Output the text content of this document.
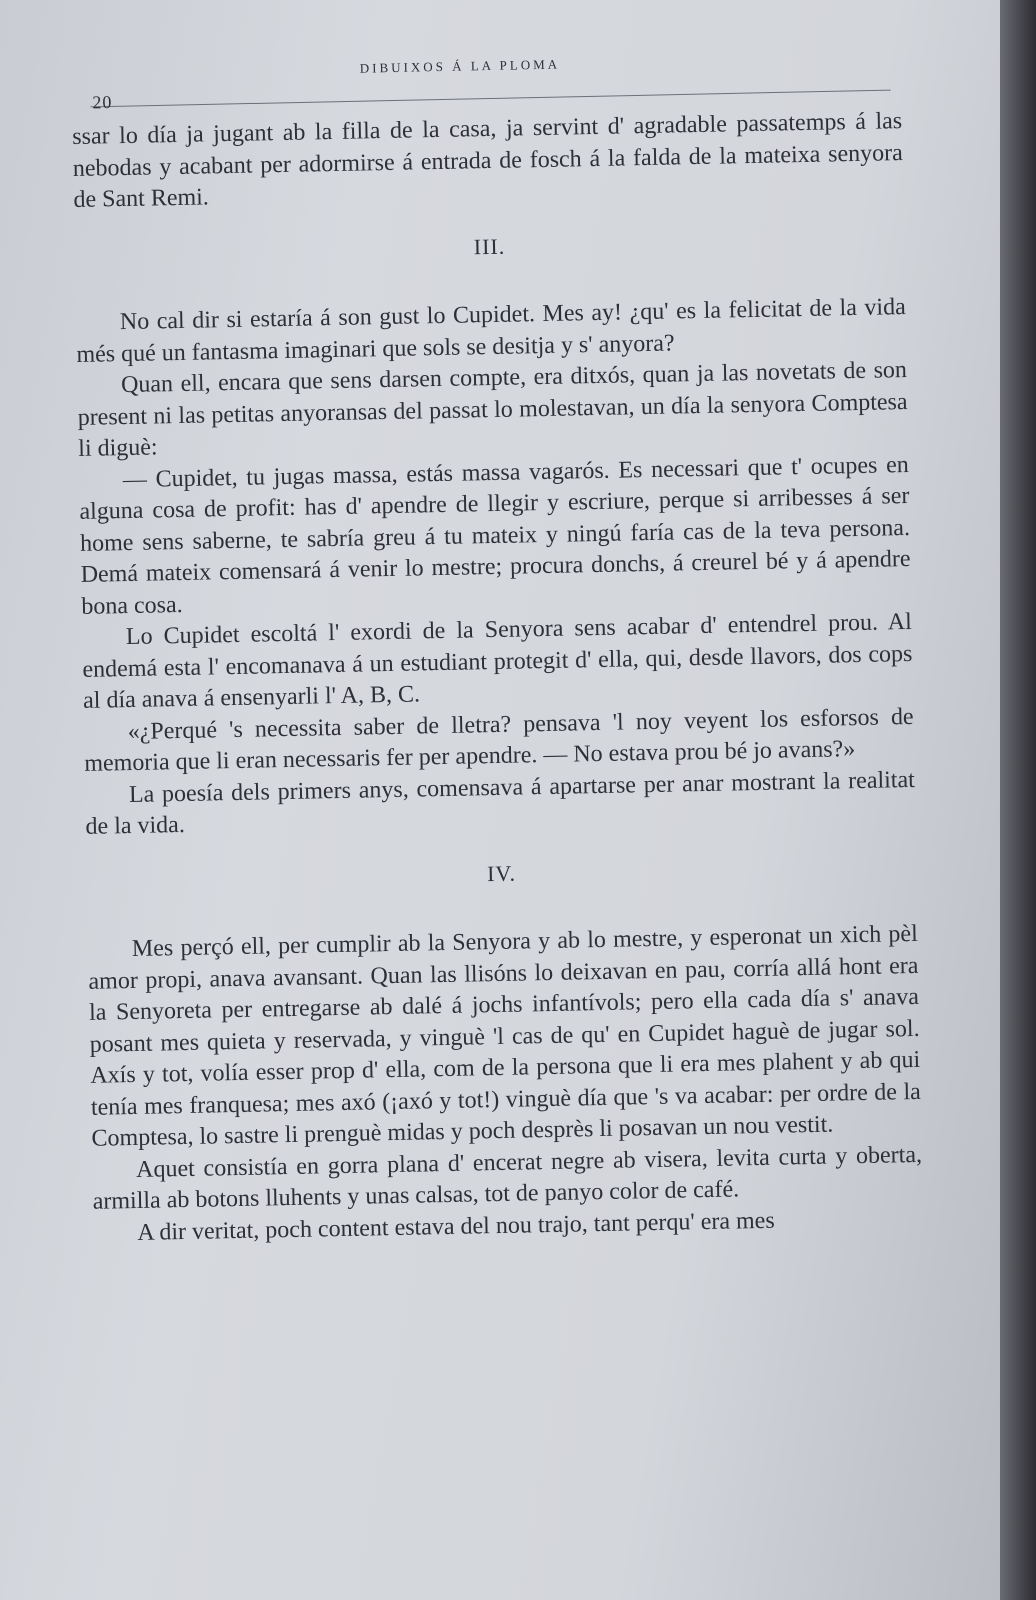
20
DIBUIXOS Á LA PLOMA

ssar lo día ja jugant ab la filla de la casa, ja servint d' agradable passatemps á las nebodas y acabant per adormirse á entrada de fosch á la falda de la mateixa senyora de Sant Remi.

III.

No cal dir si estaría á son gust lo Cupidet. Mes ay! ¿qu' es la felicitat de la vida més qué un fantasma imaginari que sols se desitja y s' anyora?

Quan ell, encara que sens darsen compte, era ditxós, quan ja las novetats de son present ni las petitas anyoransas del passat lo molestavan, un día la senyora Comptesa li diguè:

— Cupidet, tu jugas massa, estás massa vagarós. Es necessari que t' ocupes en alguna cosa de profit: has d' apendre de llegir y escriure, perque si arribesses á ser home sens saberne, te sabría greu á tu mateix y ningú faría cas de la teva persona. Demá mateix comensará á venir lo mestre; procura donchs, á creurel bé y á apendre bona cosa.

Lo Cupidet escoltá l' exordi de la Senyora sens acabar d' entendrel prou. Al endemá esta l' encomanava á un estudiant protegit d' ella, qui, desde llavors, dos cops al día anava á ensenyarli l' A, B, C.

«¿Perqué 's necessita saber de lletra? pensava 'l noy veyent los esforsos de memoria que li eran necessaris fer per apendre. — No estava prou bé jo avans?»

La poesía dels primers anys, comensava á apartarse per anar mostrant la realitat de la vida.

IV.

Mes perçó ell, per cumplir ab la Senyora y ab lo mestre, y esperonat un xich pèl amor propi, anava avansant. Quan las llisóns lo deixavan en pau, corría allá hont era la Senyoreta per entregarse ab dalé á jochs infantívols; pero ella cada día s' anava posant mes quieta y reservada, y vinguè 'l cas de qu' en Cupidet haguè de jugar sol. Axís y tot, volía esser prop d' ella, com de la persona que li era mes plahent y ab qui tenía mes franquesa; mes axó (¡axó y tot!) vinguè día que 's va acabar: per ordre de la Comptesa, lo sastre li prenguè midas y poch desprès li posavan un nou vestit.

Aquet consistía en gorra plana d' encerat negre ab visera, levita curta y oberta, armilla ab botons lluhents y unas calsas, tot de panyo color de café.

A dir veritat, poch content estava del nou trajo, tant perqu' era mes
